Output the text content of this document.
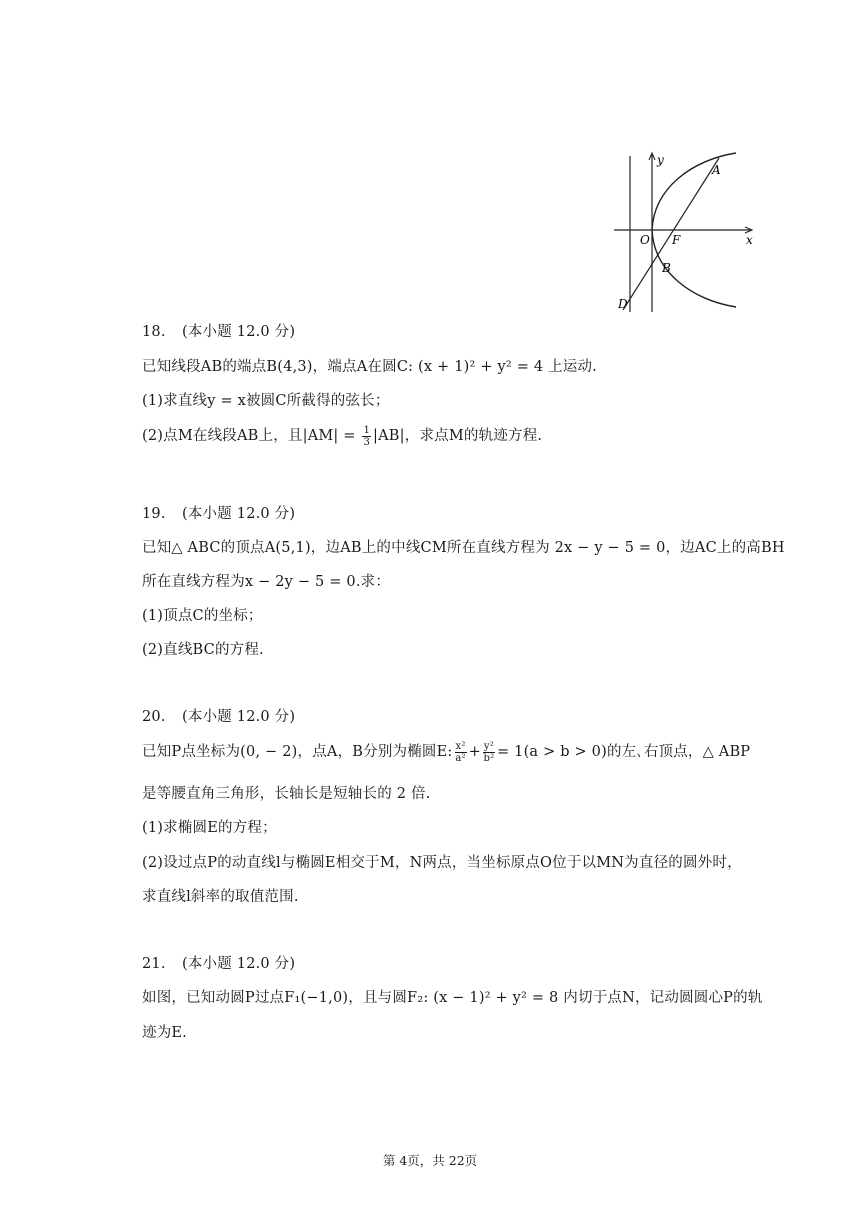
y
x
A
O F
B
D
18. (本小题 12.0 分)
已知线段AB的端点B(4,3)，端点A在圆C: (x + 1)² + y² = 4 上运动.
(1)求直线y = x被圆C所截得的弦长；
(2)点M在线段AB上，且$|AM| = \frac{1}{3} |AB|$，求点M的轨迹方程.
19. (本小题 12.0 分)
已知△ ABC的顶点A(5,1)，边AB上的中线CM所在直线方程为 2x − y − 5 = 0，边AC上的高BH
所在直线方程为x − 2y − 5 = 0.求：
(1)顶点C的坐标；
(2)直线BC的方程.
20. (本小题 12.0 分)
已知P点坐标为(0, − 2)，点A，B分别为椭圆E: $\frac{\text{x²}}{\text{a²}} + \frac{\text{y²}}{\text{b²}} = 1(a > b > 0)$的左､右顶点，△ ABP
是等腰直角三角形，长轴长是短轴长的 2 倍.
(1)求椭圆E的方程；
(2)设过点P的动直线l与椭圆E相交于M，N两点，当坐标原点O位于以MN为直径的圆外时，
求直线l斜率的取值范围.
21. (本小题 12.0 分)
如图，已知动圆P过点F₁(−1,0)，且与圆F₂: (x − 1)² + y² = 8 内切于点N，记动圆圆心P的轨
迹为E.
第 4页，共 22页
